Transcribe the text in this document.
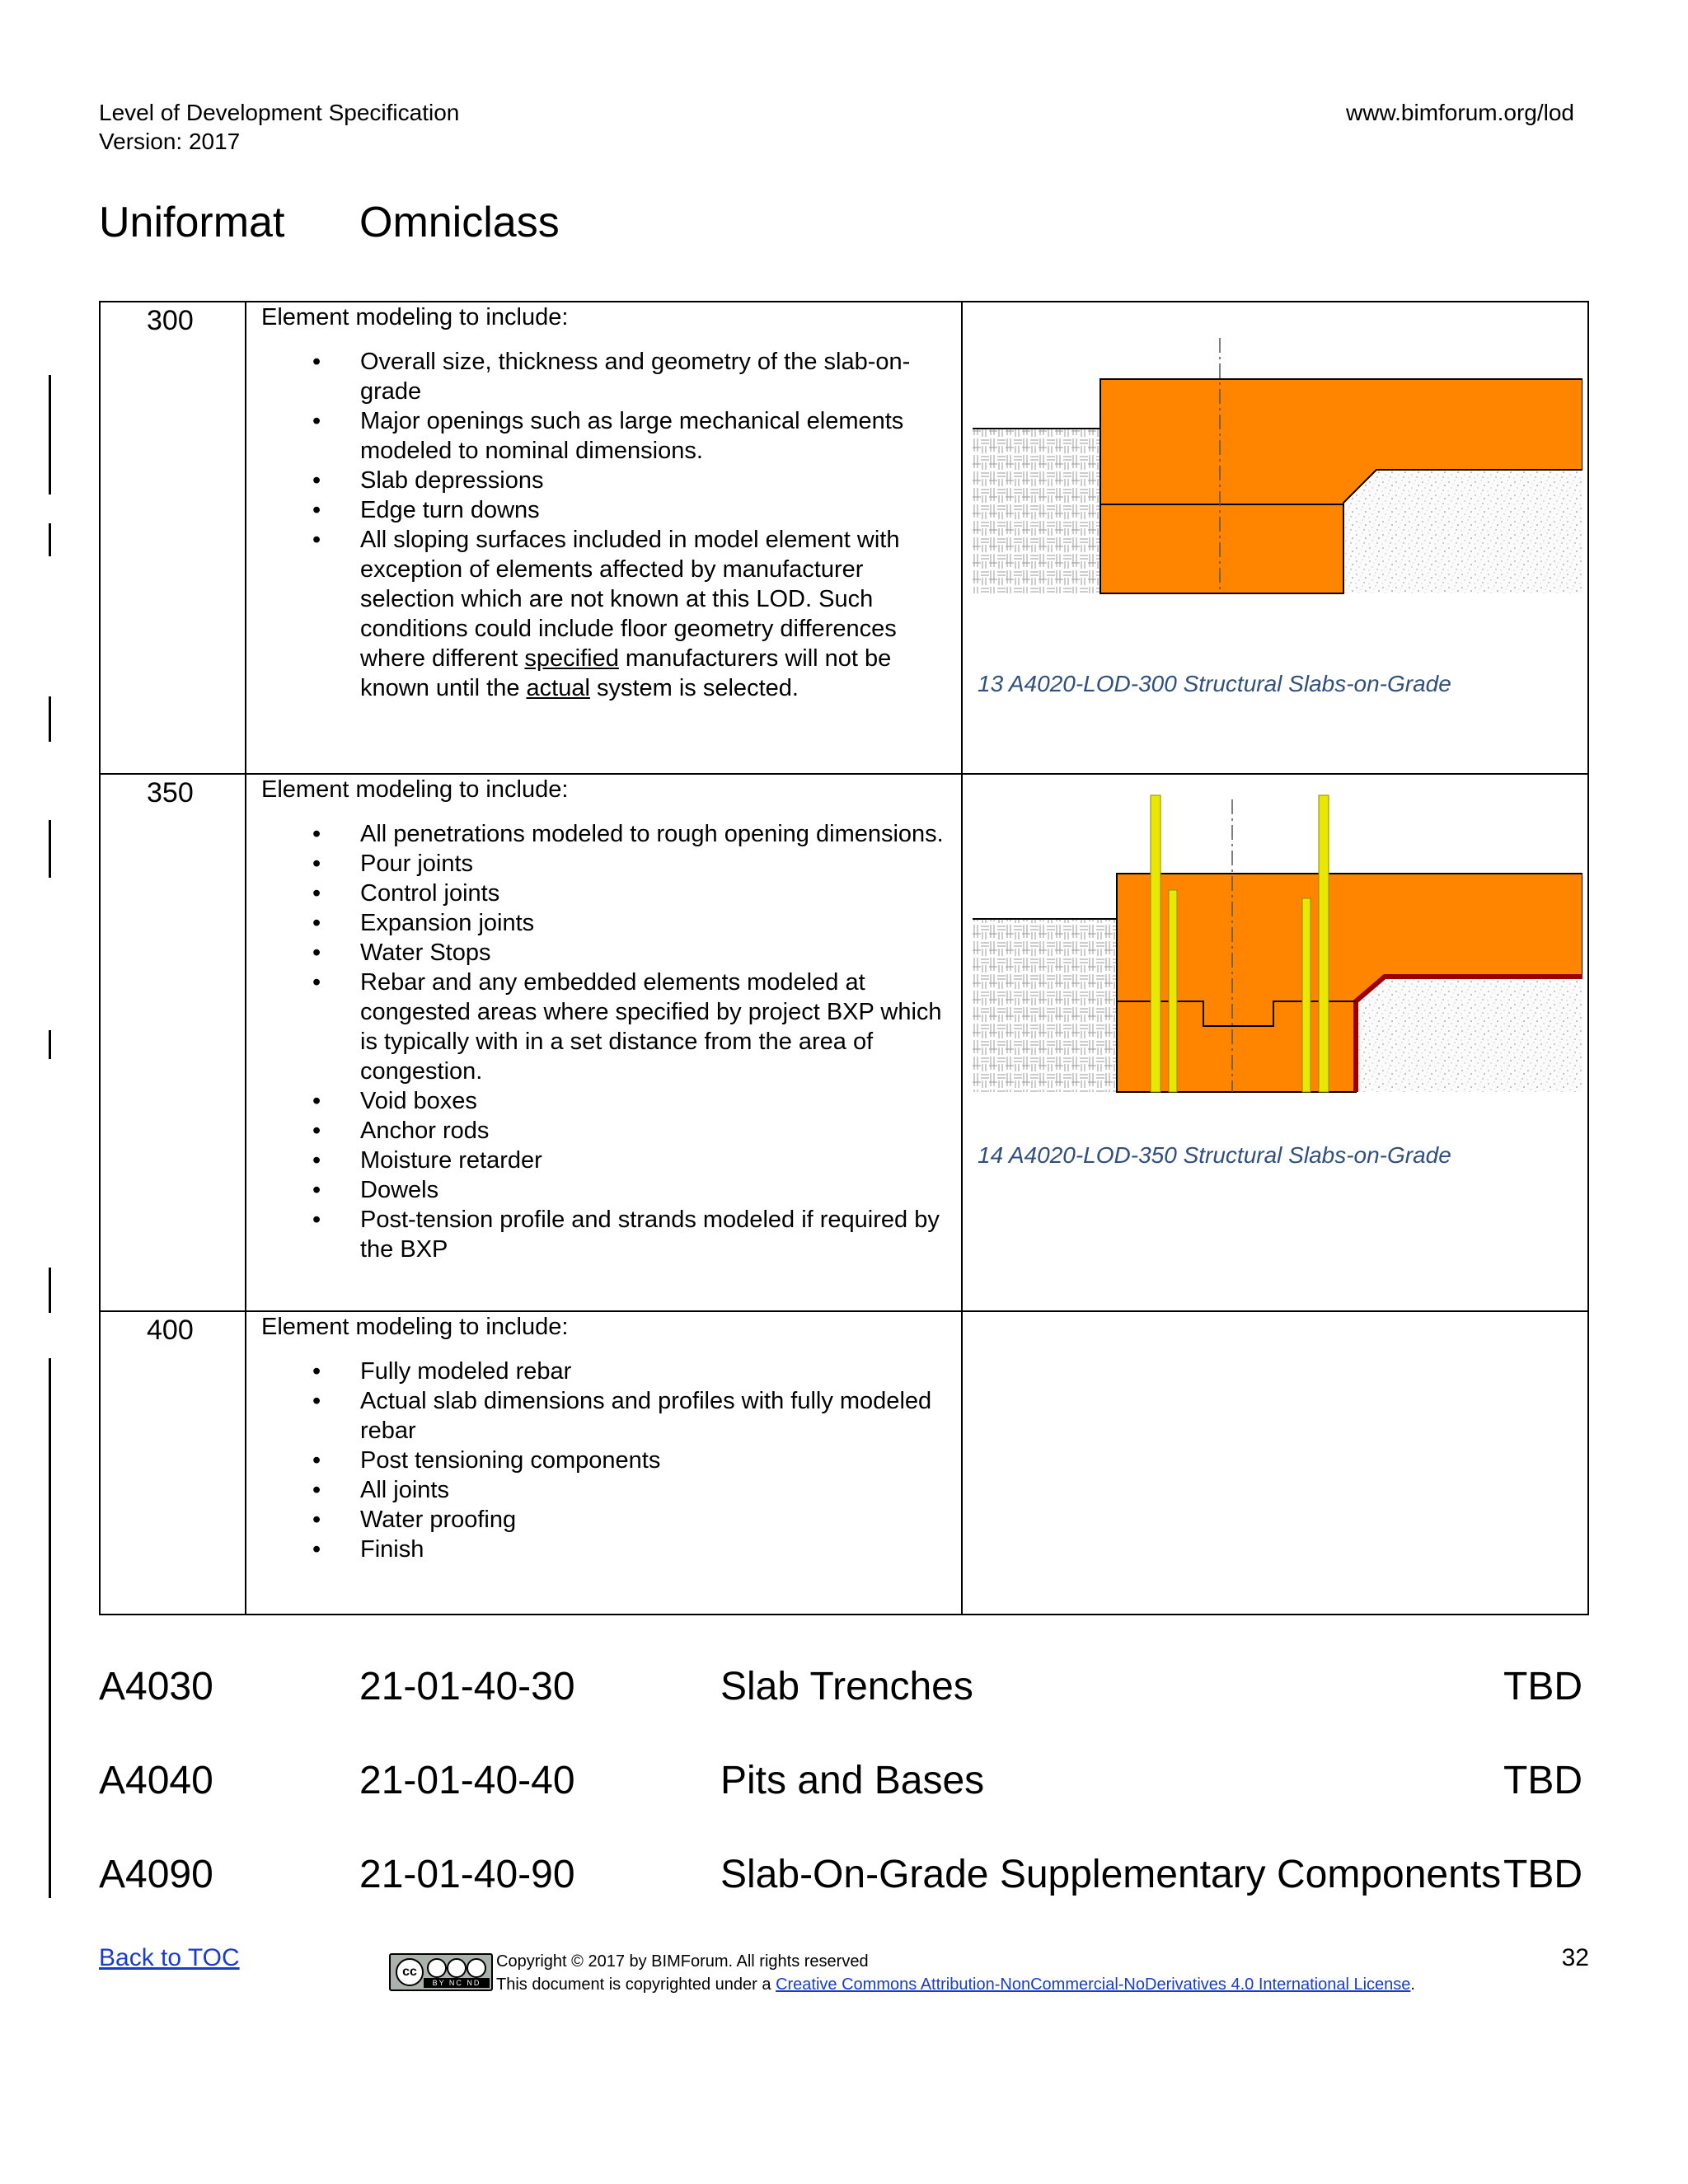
Level of Development Specification
Version: 2017
www.bimforum.org/lod
Uniformat Omniclass
300	Element modeling to include:

• Overall size, thickness and geometry of the slab-on-grade
• Major openings such as large mechanical elements modeled to nominal dimensions.
• Slab depressions
• Edge turn downs
• All sloping surfaces included in model element with exception of elements affected by manufacturer selection which are not known at this LOD. Such conditions could include floor geometry differences where different specified manufacturers will not be known until the actual system is selected.	13 A4020-LOD-300 Structural Slabs-on-Grade
350	Element modeling to include:

• All penetrations modeled to rough opening dimensions.
• Pour joints
• Control joints
• Expansion joints
• Water Stops
• Rebar and any embedded elements modeled at congested areas where specified by project BXP which is typically with in a set distance from the area of congestion.
• Void boxes
• Anchor rods
• Moisture retarder
• Dowels
• Post-tension profile and strands modeled if required by the BXP
14 A4020-LOD-350 Structural Slabs-on-Grade
400	Element modeling to include:

• Fully modeled rebar
• Actual slab dimensions and profiles with fully modeled rebar
• Post tensioning components
• All joints
• Water proofing
• Finish
A4030	21-01-40-30	Slab Trenches	TBD
A4040	21-01-40-40	Pits and Bases	TBD
A4090	21-01-40-90	Slab-On-Grade Supplementary Components TBD
Back to TOC
cc
BY NC ND
Copyright © 2017 by BIMForum. All rights reserved
This document is copyrighted under a Creative Commons Attribution-NonCommercial-NoDerivatives 4.0 International License.
32
